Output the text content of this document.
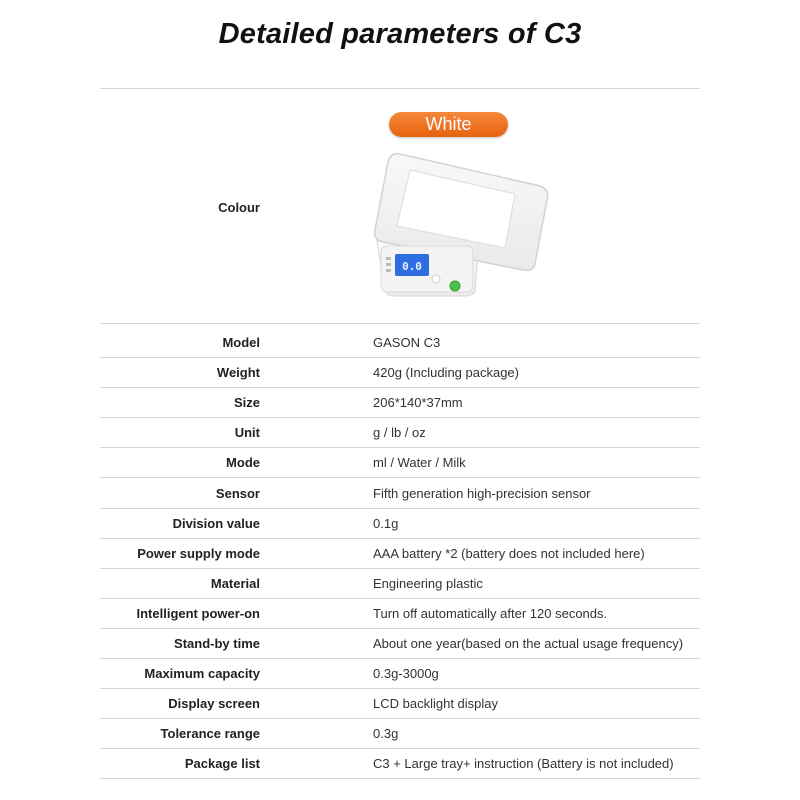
Detailed parameters of C3
Colour
White
0.0
Model	GASON C3
Weight	420g (Including package)
Size	206*140*37mm
Unit	g / lb / oz
Mode	ml / Water / Milk
Sensor	Fifth generation high-precision sensor
Division value	0.1g
Power supply mode	AAA battery *2 (battery does not included here)
Material	Engineering plastic
Intelligent power-on	Turn off automatically after 120 seconds.
Stand-by time	About one year(based on the actual usage frequency)
Maximum capacity	0.3g-3000g
Display screen	LCD backlight display
Tolerance range	0.3g
Package list	C3 + Large tray+ instruction (Battery is not included)
